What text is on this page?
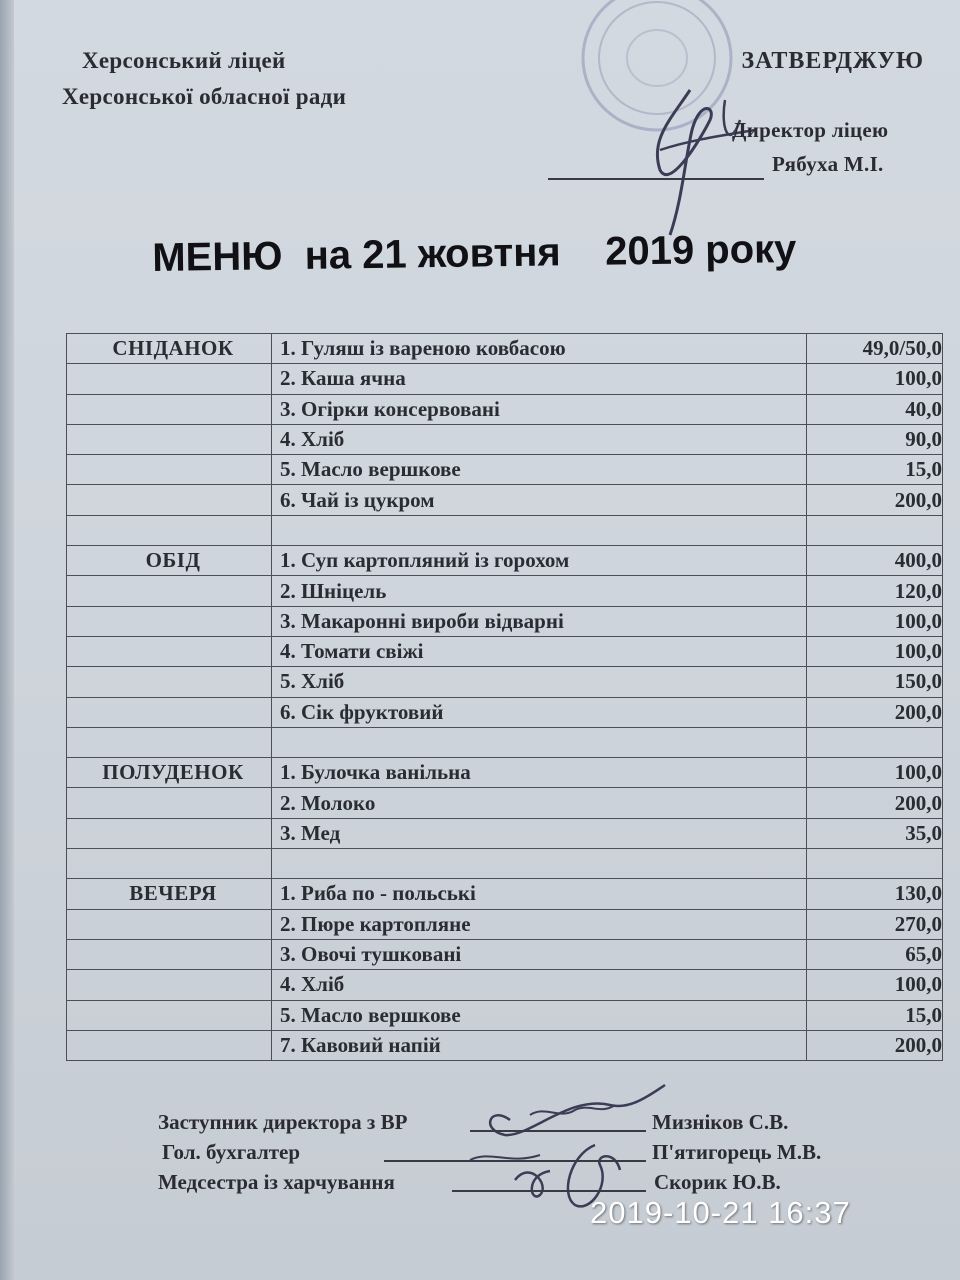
Херсонський ліцей
Херсонської обласної ради
ЗАТВЕРДЖУЮ
Директор ліцею
Рябуха М.І.
МЕНЮ  на 21 жовтня    2019 року
СНІДАНОК	1. Гуляш із вареною ковбасою	49,0/50,0
	2. Каша ячна	100,0
	3. Огірки консервовані	40,0
	4. Хліб	90,0
	5. Масло вершкове	15,0
	6. Чай із цукром	200,0

ОБІД	1. Суп картопляний із горохом	400,0
	2. Шніцель	120,0
	3. Макаронні вироби відварні	100,0
	4. Томати свіжі	100,0
	5. Хліб	150,0
	6. Сік фруктовий	200,0

ПОЛУДЕНОК	1. Булочка ванільна	100,0
	2. Молоко	200,0
	3. Мед	35,0

ВЕЧЕРЯ	1. Риба по - польські	130,0
	2. Пюре картопляне	270,0
	3. Овочі тушковані	65,0
	4. Хліб	100,0
	5. Масло вершкове	15,0
	7. Кавовий напій	200,0
Заступник директора з ВР
Гол. бухгалтер
Медсестра із харчування
Мизніков С.В.
П'ятигорець М.В.
Скорик Ю.В.
2019-10-21 16:37
